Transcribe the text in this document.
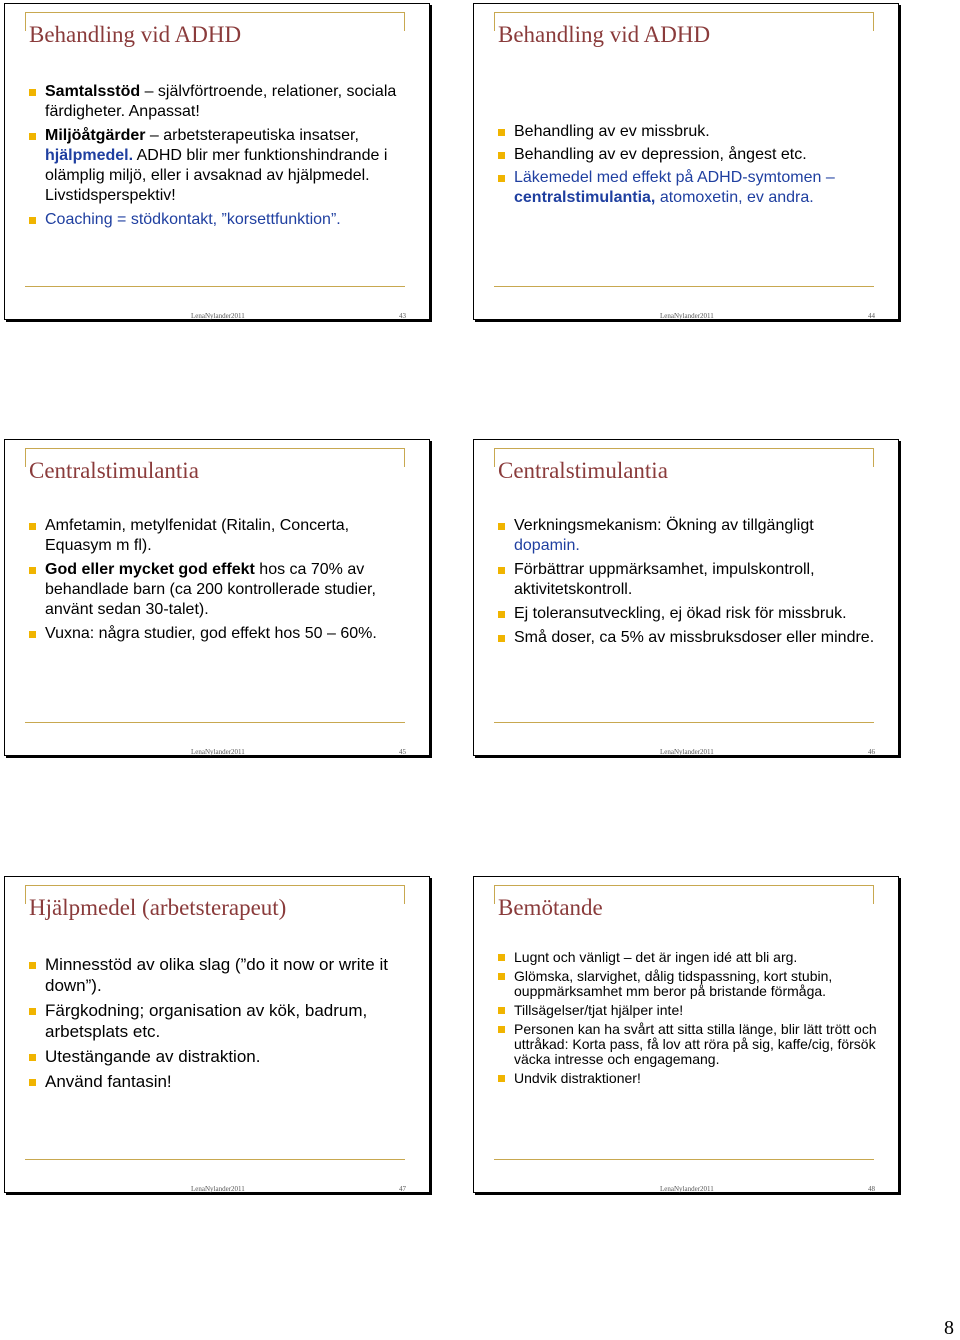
Behandling vid ADHD
Samtalsstöd – självförtroende, relationer, sociala färdigheter. Anpassat!
Miljöåtgärder – arbetsterapeutiska insatser, hjälpmedel. ADHD blir mer funktionshindrande i olämplig miljö, eller i avsaknad av hjälpmedel. Livstidsperspektiv!
Coaching = stödkontakt, ”korsettfunktion”.
LenaNylander2011	43
Behandling vid ADHD
Behandling av ev missbruk.
Behandling av ev depression, ångest etc.
Läkemedel med effekt på ADHD-symtomen – centralstimulantia, atomoxetin, ev andra.
LenaNylander2011	44
Centralstimulantia
Amfetamin, metylfenidat (Ritalin, Concerta, Equasym m fl).
God eller mycket god effekt hos ca 70% av behandlade barn (ca 200 kontrollerade studier, använt sedan 30-talet).
Vuxna: några studier, god effekt hos 50 – 60%.
LenaNylander2011	45
Centralstimulantia
Verkningsmekanism: Ökning av tillgängligt dopamin.
Förbättrar uppmärksamhet, impulskontroll, aktivitetskontroll.
Ej toleransutveckling, ej ökad risk för missbruk.
Små doser, ca 5% av missbruksdoser eller mindre.
LenaNylander2011	46
Hjälpmedel (arbetsterapeut)
Minnesstöd av olika slag (”do it now or write it down”).
Färgkodning; organisation av kök, badrum, arbetsplats etc.
Utestängande av distraktion.
Använd fantasin!
LenaNylander2011	47
Bemötande
Lugnt och vänligt – det är ingen idé att bli arg.
Glömska, slarvighet, dålig tidspassning, kort stubin, ouppmärksamhet mm beror på bristande förmåga.
Tillsägelser/tjat hjälper inte!
Personen kan ha svårt att sitta stilla länge, blir lätt trött och uttråkad: Korta pass, få lov att röra på sig, kaffe/cig, försök väcka intresse och engagemang.
Undvik distraktioner!
LenaNylander2011	48
8
